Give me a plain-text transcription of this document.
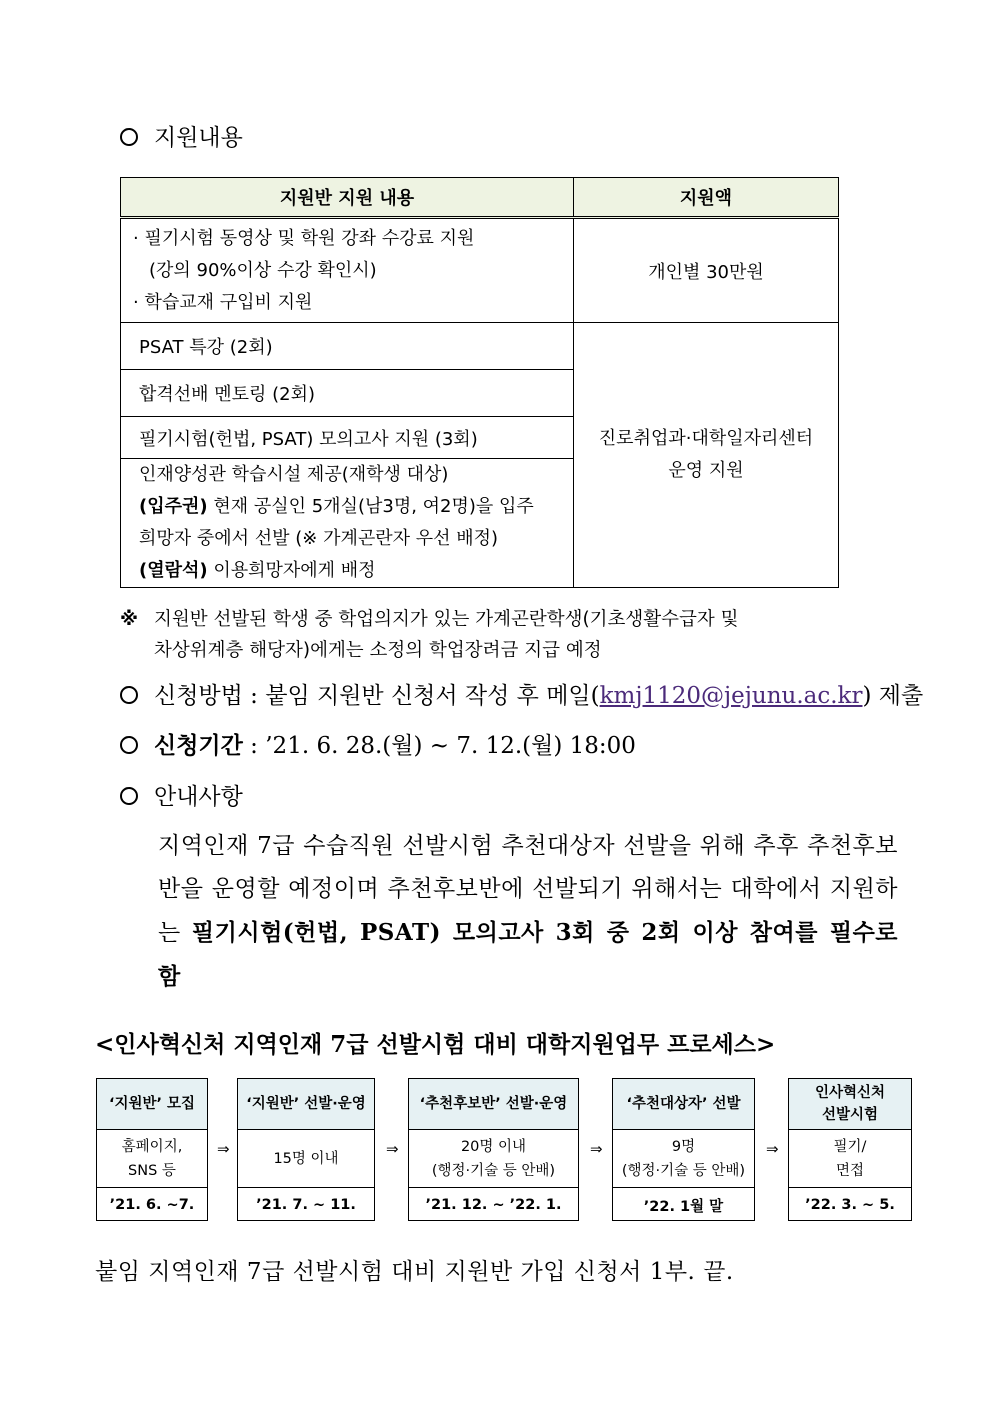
지원내용
지원반 지원 내용	지원액

· 필기시험 동영상 및 학원 강좌 수강료 지원
(강의 90%이상 수강 확인시)
· 학습교재 구입비 지원	개인별 30만원
PSAT 특강 (2회)	진로취업과·대학일자리센터
운영 지원

합격선배 멘토링 (2회)	
필기시험(헌법, PSAT) 모의고사 지원 (3회)	

인재양성관 학습시설 제공(재학생 대상)
(입주권) 현재 공실인 5개실(남3명, 여2명)을 입주
희망자 중에서 선발 (※ 가계곤란자 우선 배정)
(열람석) 이용희망자에게 배정	
※ 지원반 선발된 학생 중 학업의지가 있는 가계곤란학생(기초생활수급자 및
차상위계층 해당자)에게는 소정의 학업장려금 지급 예정
신청방법 : 붙임 지원반 신청서 작성 후 메일(kmj1120@jejunu.ac.kr) 제출
신청기간 : ’21. 6. 28.(월) ~ 7. 12.(월) 18:00
안내사항
지역인재 7급 수습직원 선발시험 추천대상자 선발을 위해 추후 추천후보반을 운영할 예정이며 추천후보반에 선발되기 위해서는 대학에서 지원하는 필기시험(헌법, PSAT) 모의고사 3회 중 2회 이상 참여를 필수로 함
<인사혁신처 지역인재 7급 선발시험 대비 대학지원업무 프로세스>
‘지원반’ 모집
홈페이지,
SNS 등
’21. 6. ~7.
⇒
‘지원반’ 선발·운영
15명 이내
’21. 7. ~ 11.
⇒
‘추천후보반’ 선발·운영
20명 이내
(행정·기술 등 안배)
’21. 12. ~ ’22. 1.
⇒
‘추천대상자’ 선발
9명
(행정·기술 등 안배)
’22. 1월 말
⇒
인사혁신처
선발시험
필기/
면접
’22. 3. ~ 5.
붙임 지역인재 7급 선발시험 대비 지원반 가입 신청서 1부. 끝.
